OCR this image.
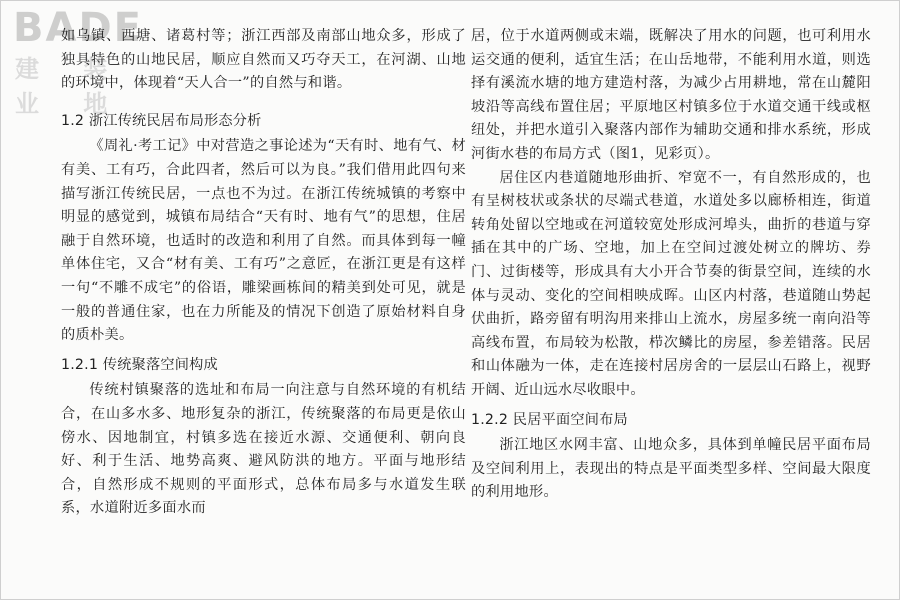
BADE
建 装 业 地

如乌镇、西塘、诸葛村等；浙江西部及南部山地众多，形成了独具特色的山地民居，顺应自然而又巧夺天工，在河湖、山地的环境中，体现着“天人合一”的自然与和谐。

1.2 浙江传统民居布局形态分析

《周礼·考工记》中对营造之事论述为“天有时、地有气、材有美、工有巧，合此四者，然后可以为良。”我们借用此四句来描写浙江传统民居，一点也不为过。在浙江传统城镇的考察中明显的感觉到，城镇布局结合“天有时、地有气”的思想，住居融于自然环境，也适时的改造和利用了自然。而具体到每一幢单体住宅，又合“材有美、工有巧”之意匠，在浙江更是有这样一句“不雕不成宅”的俗语，雕梁画栋间的精美到处可见，就是一般的普通住家，也在力所能及的情况下创造了原始材料自身的质朴美。

1.2.1 传统聚落空间构成

传统村镇聚落的选址和布局一向注意与自然环境的有机结合，在山多水多、地形复杂的浙江，传统聚落的布局更是依山傍水、因地制宜，村镇多选在接近水源、交通便利、朝向良好、利于生活、地势高爽、避风防洪的地方。平面与地形结合，自然形成不规则的平面形式，总体布局多与水道发生联系，水道附近多面水而

居，位于水道两侧或末端，既解决了用水的问题，也可利用水运交通的便利，适宜生活；在山岳地带，不能利用水道，则选择有溪流水塘的地方建造村落，为减少占用耕地，常在山麓阳坡沿等高线布置住居；平原地区村镇多位于水道交通干线或枢纽处，并把水道引入聚落内部作为辅助交通和排水系统，形成河街水巷的布局方式（图1，见彩页）。

居住区内巷道随地形曲折、窄宽不一，有自然形成的，也有呈树枝状或条状的尽端式巷道，水道处多以廊桥相连，街道转角处留以空地或在河道较宽处形成河埠头，曲折的巷道与穿插在其中的广场、空地，加上在空间过渡处树立的牌坊、券门、过街楼等，形成具有大小开合节奏的街景空间，连续的水体与灵动、变化的空间相映成晖。山区内村落，巷道随山势起伏曲折，路旁留有明沟用来排山上流水，房屋多统一南向沿等高线布置，布局较为松散，栉次鳞比的房屋，参差错落。民居和山体融为一体，走在连接村居房舍的一层层山石路上，视野开阔、近山远水尽收眼中。

1.2.2 民居平面空间布局

浙江地区水网丰富、山地众多，具体到单幢民居平面布局及空间利用上，表现出的特点是平面类型多样、空间最大限度的利用地形。
